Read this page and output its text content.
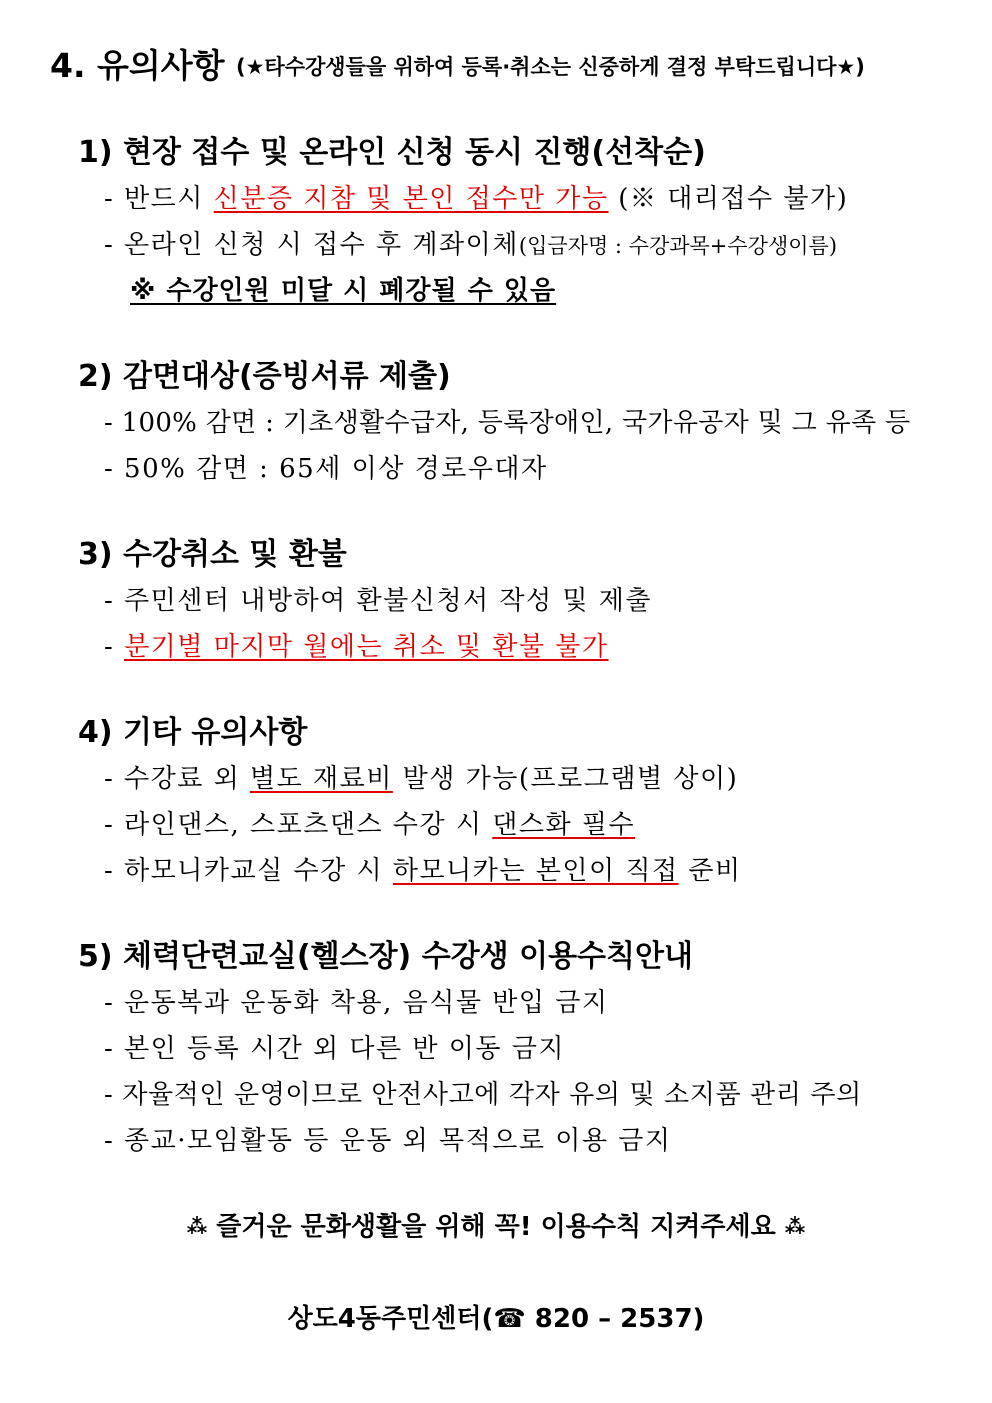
4. 유의사항 (★타수강생들을 위하여 등록·취소는 신중하게 결정 부탁드립니다★)
1) 현장 접수 및 온라인 신청 동시 진행(선착순)
- 반드시 신분증 지참 및 본인 접수만 가능 (※ 대리접수 불가)
- 온라인 신청 시 접수 후 계좌이체(입금자명 : 수강과목+수강생이름)
※ 수강인원 미달 시 폐강될 수 있음
2) 감면대상(증빙서류 제출)
- 100% 감면 : 기초생활수급자, 등록장애인, 국가유공자 및 그 유족 등
- 50% 감면 : 65세 이상 경로우대자
3) 수강취소 및 환불
- 주민센터 내방하여 환불신청서 작성 및 제출
- 분기별 마지막 월에는 취소 및 환불 불가
4) 기타 유의사항
- 수강료 외 별도 재료비 발생 가능(프로그램별 상이)
- 라인댄스, 스포츠댄스 수강 시 댄스화 필수
- 하모니카교실 수강 시 하모니카는 본인이 직접 준비
5) 체력단련교실(헬스장) 수강생 이용수칙안내
- 운동복과 운동화 착용, 음식물 반입 금지
- 본인 등록 시간 외 다른 반 이동 금지
- 자율적인 운영이므로 안전사고에 각자 유의 및 소지품 관리 주의
- 종교·모임활동 등 운동 외 목적으로 이용 금지
⁂ 즐거운 문화생활을 위해 꼭! 이용수칙 지켜주세요 ⁂
상도4동주민센터(☎ 820 – 2537)
